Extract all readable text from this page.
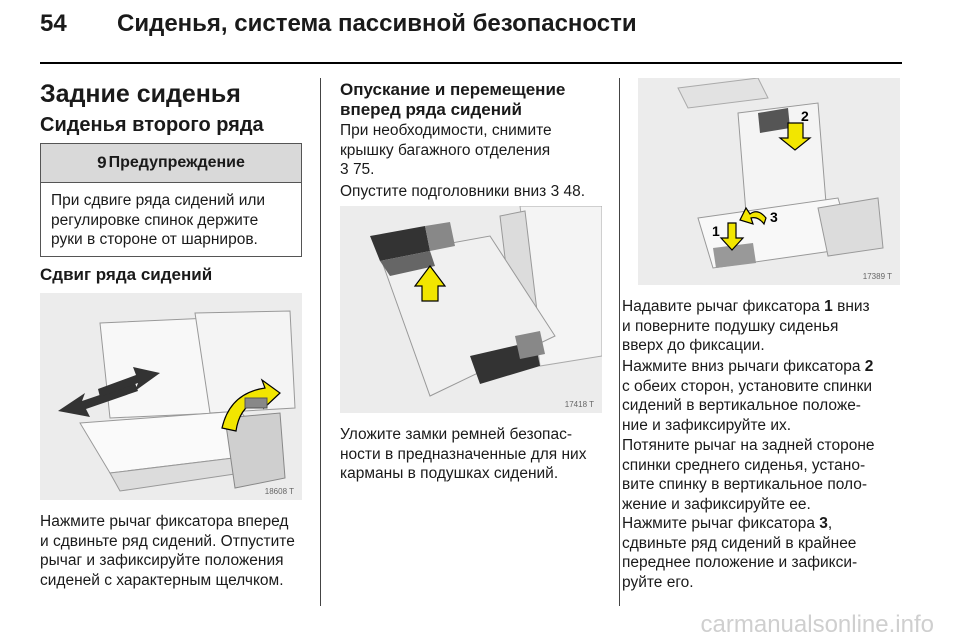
54 Сиденья, система пассивной безопасности
Задние сиденья
Сиденья второго ряда
9 Предупреждение
При сдвиге ряда сидений или
регулировке спинок держите
руки в стороне от шарниров.
Сдвиг ряда сидений
18608 T
Нажмите рычаг фиксатора вперед
и сдвиньте ряд сидений. Отпустите
рычаг и зафиксируйте положения
сиденей с характерным щелчком.
Опускание и перемещение
вперед ряда сидений
При необходимости, снимите
крышку багажного отделения
3 75.
Опустите подголовники вниз 3 48.
17418 T
Уложите замки ремней безопас-
ности в предназначенные для них
карманы в подушках сидений.
2
3
1
17389 T
Надавите рычаг фиксатора 1 вниз
и поверните подушку сиденья
вверх до фиксации.
Нажмите вниз рычаги фиксатора 2
с обеих сторон, установите спинки
сидений в вертикальное положе-
ние и зафиксируйте их.
Потяните рычаг на задней стороне
спинки среднего сиденья, устано-
вите спинку в вертикальное поло-
жение и зафиксируйте ее.
Нажмите рычаг фиксатора 3,
сдвиньте ряд сидений в крайнее
переднее положение и зафикси-
руйте его.
carmanualsonline.info
